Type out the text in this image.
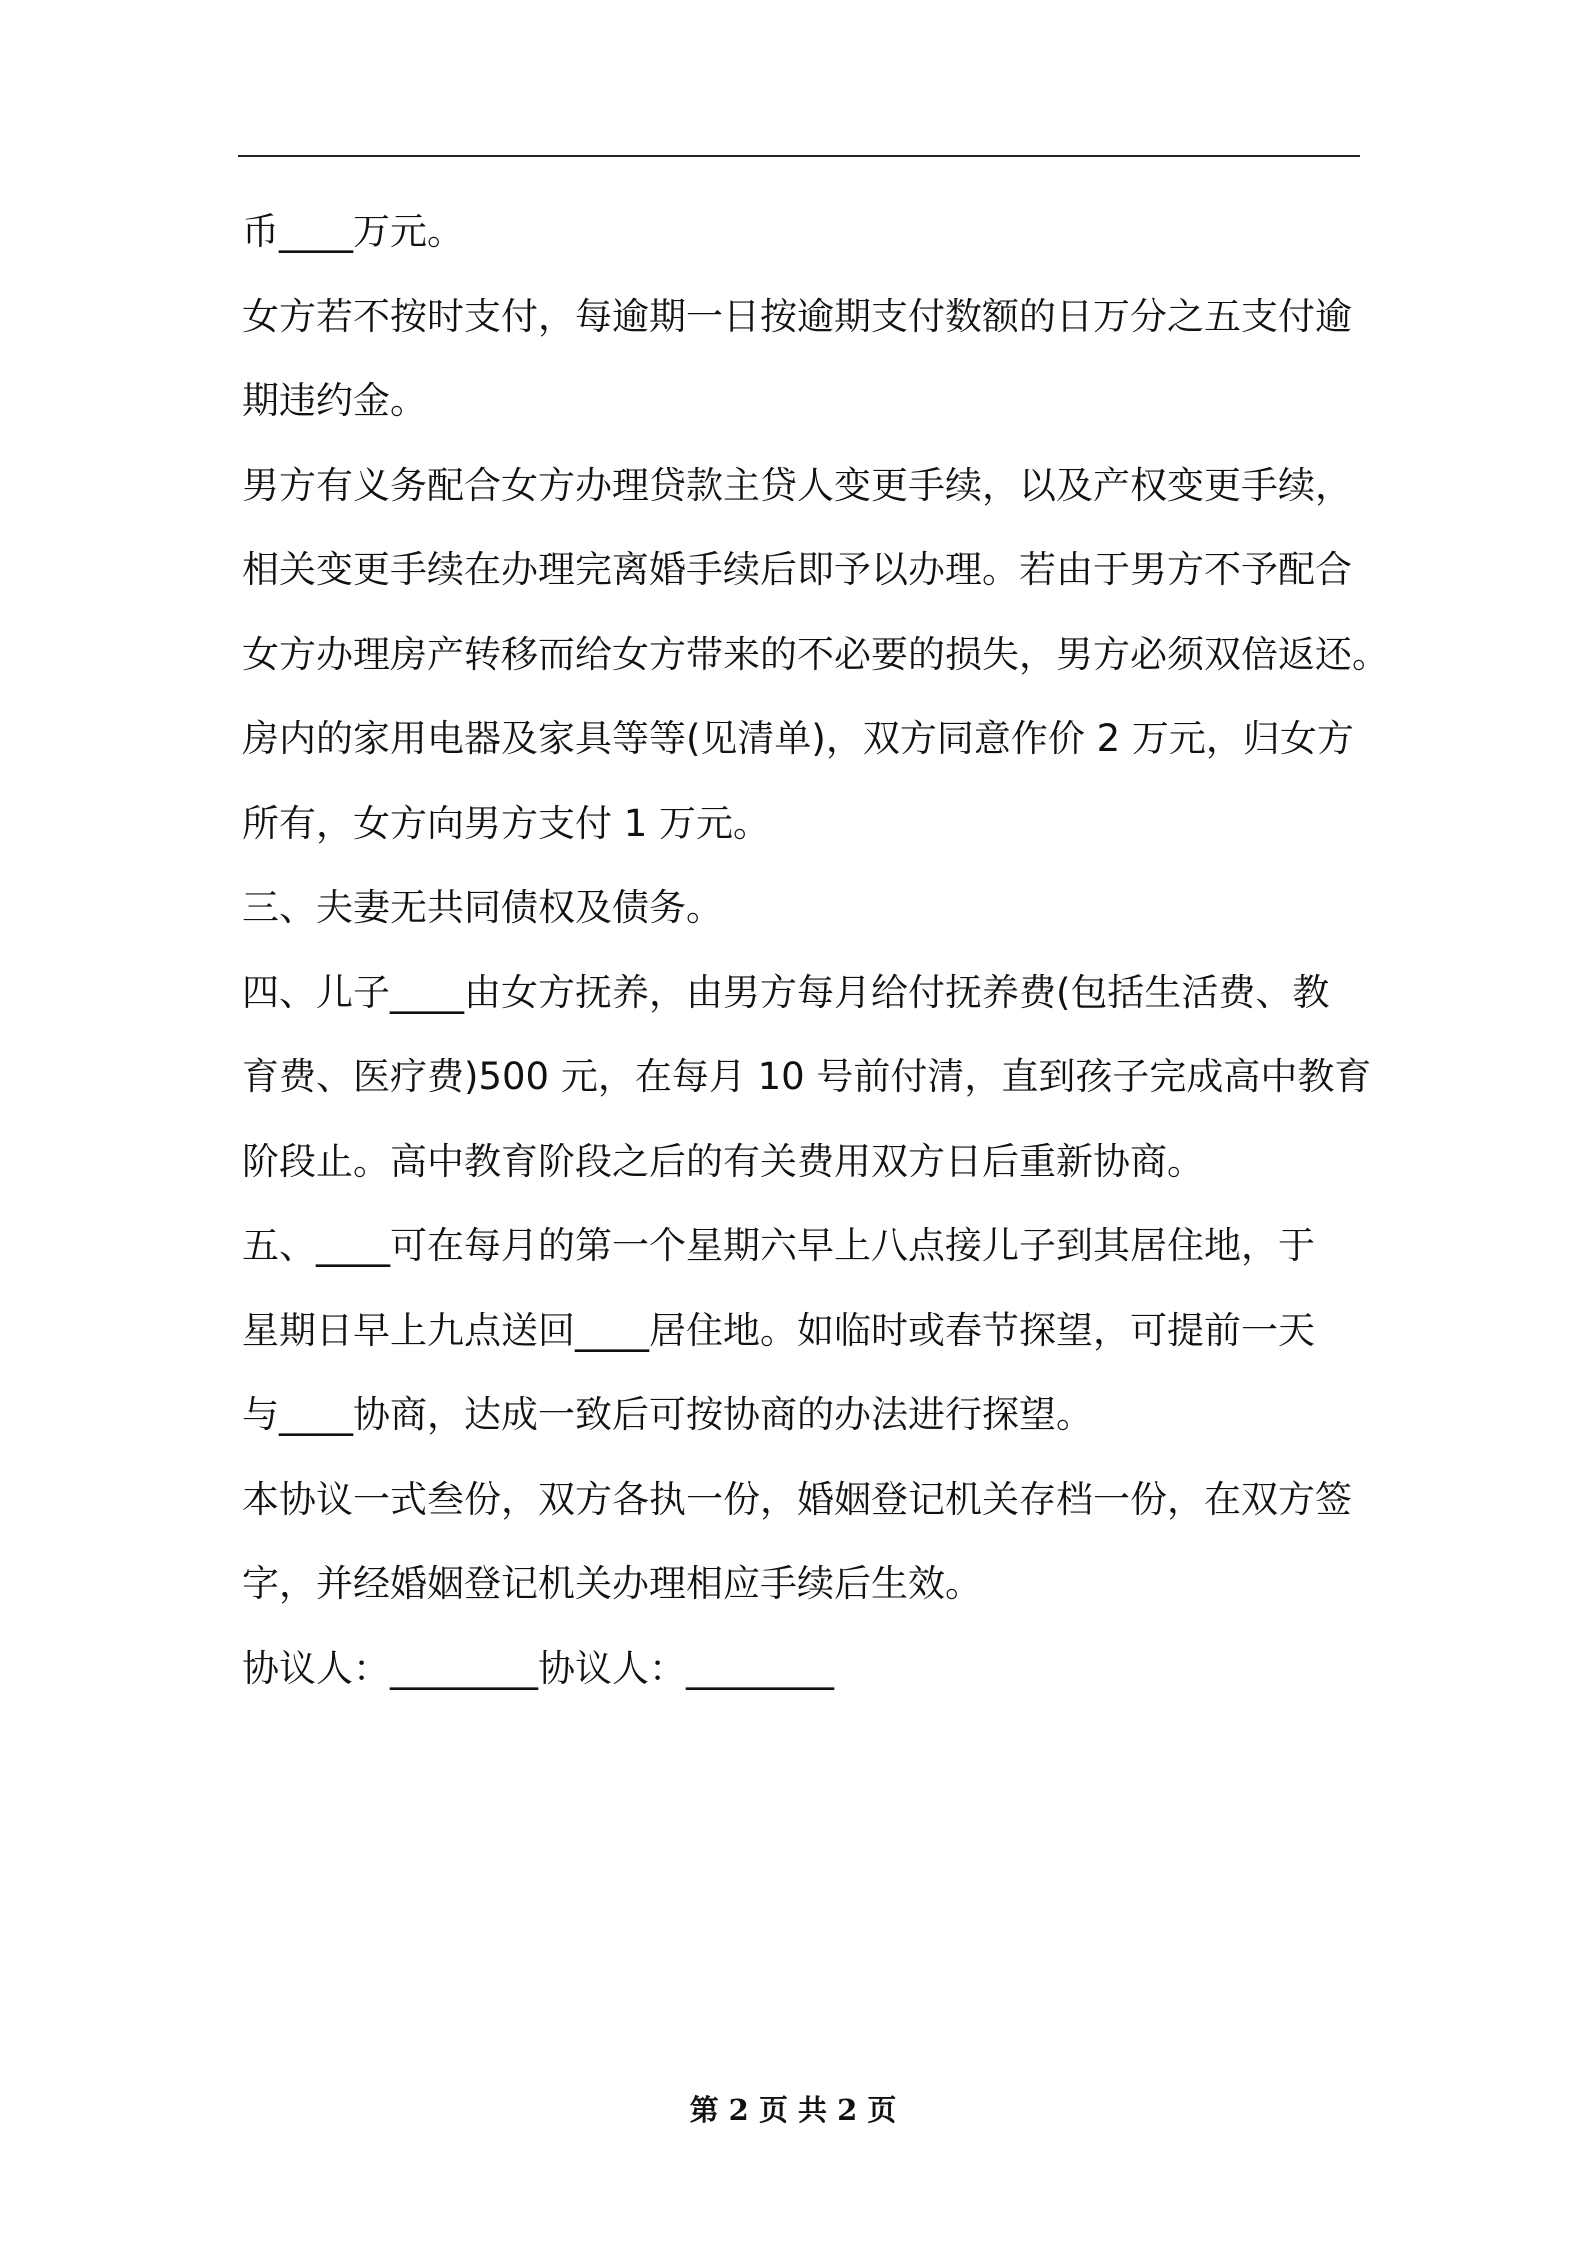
币____万元。
女方若不按时支付，每逾期一日按逾期支付数额的日万分之五支付逾
期违约金。
男方有义务配合女方办理贷款主贷人变更手续，以及产权变更手续，
相关变更手续在办理完离婚手续后即予以办理。若由于男方不予配合
女方办理房产转移而给女方带来的不必要的损失，男方必须双倍返还。
房内的家用电器及家具等等(见清单)，双方同意作价 2 万元，归女方
所有，女方向男方支付 1 万元。
三、夫妻无共同债权及债务。
四、儿子____由女方抚养，由男方每月给付抚养费(包括生活费、教
育费、医疗费)500 元，在每月 10 号前付清，直到孩子完成高中教育
阶段止。高中教育阶段之后的有关费用双方日后重新协商。
五、____可在每月的第一个星期六早上八点接儿子到其居住地，于
星期日早上九点送回____居住地。如临时或春节探望，可提前一天
与____协商，达成一致后可按协商的办法进行探望。
本协议一式叁份，双方各执一份，婚姻登记机关存档一份，在双方签
字，并经婚姻登记机关办理相应手续后生效。
协议人：________协议人：________
第 2 页 共 2 页
